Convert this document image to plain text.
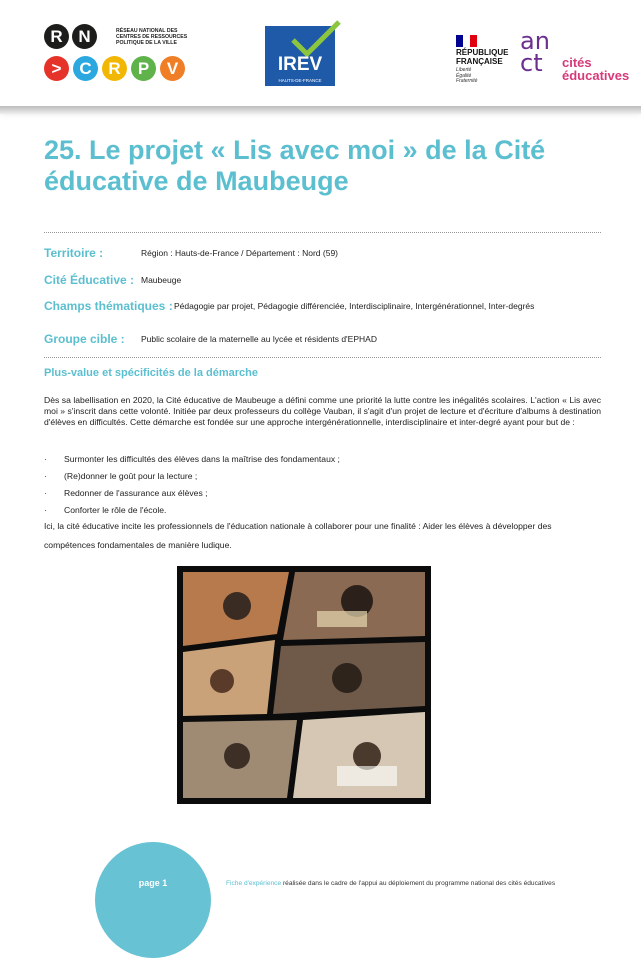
R N	RÉSEAU NATIONAL DES
CENTRES DE RESSOURCES
POLITIQUE DE LA VILLE
>	C R	P	V	IREV
HAUTS-DE-FRANCE
RÉPUBLIQUE
FRANÇAISE
Liberté
Égalité
Fraternité
an ct	cités
éducatives
25. Le projet « Lis avec moi » de la Cité
éducative de Maubeuge
Territoire :	Région : Hauts-de-France / Département : Nord (59)
Cité Éducative : Maubeuge
Champs thématiques : Pédagogie par projet, Pédagogie différenciée, Interdisciplinaire, Intergénérationnel, Inter-degrés
Groupe cible : Public scolaire de la maternelle au lycée et résidents d'EPHAD
Plus-value et spécificités de la démarche
Dès sa labellisation en 2020, la Cité éducative de Maubeuge a défini comme une priorité la lutte contre les inégalités scolaires. L'action « Lis avec moi » s'inscrit dans cette volonté. Initiée par deux professeurs du collège Vauban, il s'agit d'un projet de lecture et d'écriture d'albums à destination d'élèves en difficultés. Cette démarche est fondée sur une approche intergénérationnelle, interdisciplinaire et inter-degré ayant pour but de :
· Surmonter les difficultés des élèves dans la maîtrise des fondamentaux ;
· (Re)donner le goût pour la lecture ;
· Redonner de l'assurance aux élèves ;
· Conforter le rôle de l'école.
Ici, la cité éducative incite les professionnels de l'éducation nationale à collaborer pour une finalité : Aider les élèves à développer des compétences fondamentales de manière ludique.
page 1	Fiche d'expérience réalisée dans le cadre de l'appui au déploiement du programme national des cités éducatives
